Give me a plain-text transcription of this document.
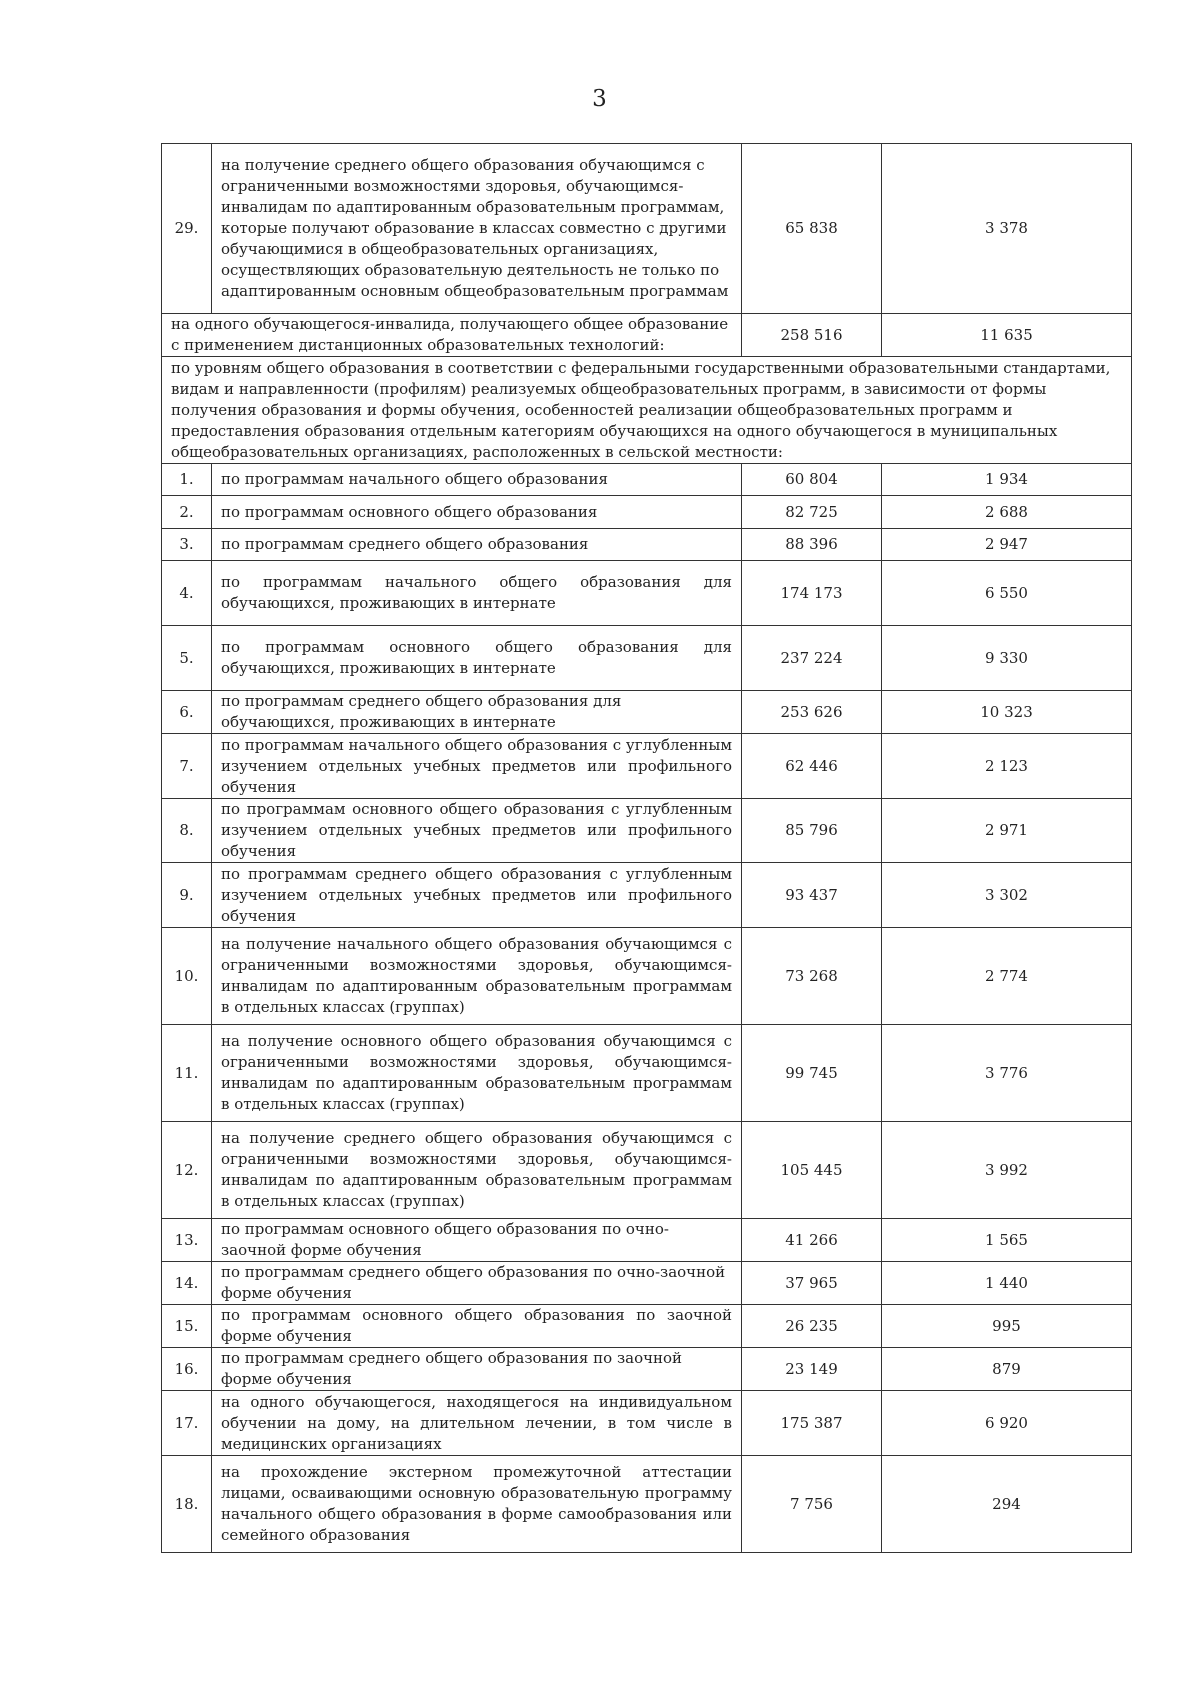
3
29.	на получение среднего общего образования обучающимся с ограниченными возможностями здоровья, обучающимся-инвалидам по адаптированным образовательным программам, которые получают образование в классах совместно с другими обучающимися в общеобразовательных организациях, осуществляющих образовательную деятельность не только по адаптированным основным общеобразовательным программам	65 838	3 378
на одного обучающегося-инвалида, получающего общее образование с применением дистанционных образовательных технологий:		258 516	11 635
по уровням общего образования в соответствии с федеральными государственными образовательными стандартами, видам и направленности (профилям) реализуемых общеобразовательных программ, в зависимости от формы получения образования и формы обучения, особенностей реализации общеобразовательных программ и предоставления образования отдельным категориям обучающихся на одного обучающегося в муниципальных общеобразовательных организациях, расположенных в сельской местности:			
1.	по программам начального общего образования	60 804	1 934
2.	по программам основного общего образования	82 725	2 688
3.	по программам среднего общего образования	88 396	2 947
4.	по программам начального общего образования для обучающихся, проживающих в интернате	174 173	6 550
5.	по программам основного общего образования для обучающихся, проживающих в интернате	237 224	9 330
6.	по программам среднего общего образования для обучающихся, проживающих в интернате	253 626	10 323
7.	по программам начального общего образования с углубленным изучением отдельных учебных предметов или профильного обучения	62 446	2 123
8.	по программам основного общего образования с углубленным изучением отдельных учебных предметов или профильного обучения	85 796	2 971
9.	по программам среднего общего образования с углубленным изучением отдельных учебных предметов или профильного обучения	93 437	3 302
10.	на получение начального общего образования обучающимся с ограниченными возможностями здоровья, обучающимся-инвалидам по адаптированным образовательным программам в отдельных классах (группах)	73 268	2 774
11.	на получение основного общего образования обучающимся с ограниченными возможностями здоровья, обучающимся-инвалидам по адаптированным образовательным программам в отдельных классах (группах)	99 745	3 776
12.	на получение среднего общего образования обучающимся с ограниченными возможностями здоровья, обучающимся-инвалидам по адаптированным образовательным программам в отдельных классах (группах)	105 445	3 992
13.	по программам основного общего образования по очно-заочной форме обучения	41 266	1 565
14.	по программам среднего общего образования по очно-заочной форме обучения	37 965	1 440
15.	по программам основного общего образования по заочной форме обучения	26 235	995
16.	по программам среднего общего образования по заочной форме обучения	23 149	879
17.	на одного обучающегося, находящегося на индивидуальном обучении на дому, на длительном лечении, в том числе в медицинских организациях	175 387	6 920
18.	на прохождение экстерном промежуточной аттестации лицами, осваивающими основную образовательную программу начального общего образования в форме самообразования или семейного образования	7 756	294
